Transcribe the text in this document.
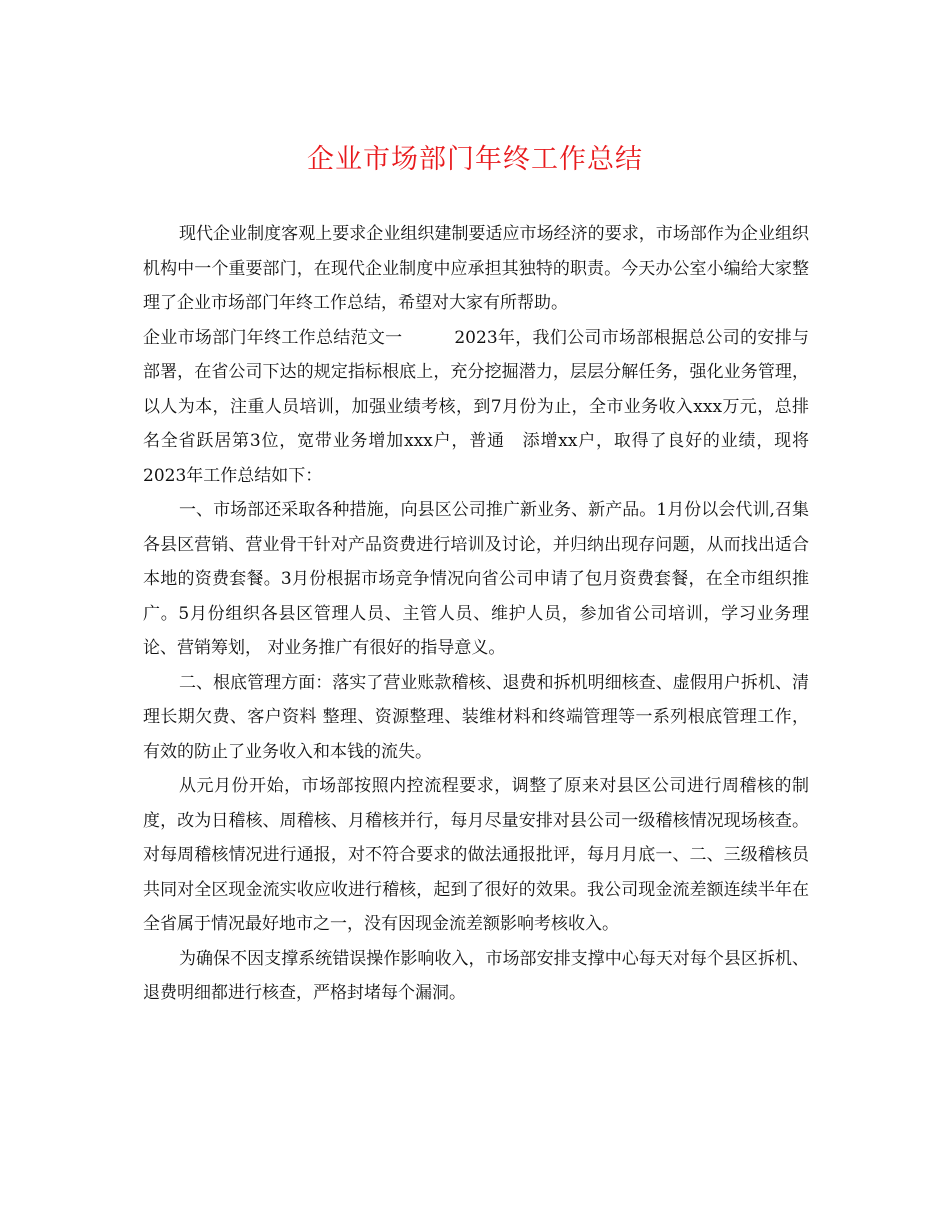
企业市场部门年终工作总结

现代企业制度客观上要求企业组织建制要适应市场经济的要求，市场部作为企业组织机构中一个重要部门，在现代企业制度中应承担其独特的职责。今天办公室小编给大家整理了企业市场部门年终工作总结，希望对大家有所帮助。

企业市场部门年终工作总结范文一　　　2023年，我们公司市场部根据总公司的安排与部署，在省公司下达的规定指标根底上，充分挖掘潜力，层层分解任务，强化业务管理，以人为本，注重人员培训，加强业绩考核，到7月份为止，全市业务收入xxx万元，总排名全省跃居第3位，宽带业务增加xxx户，普通　添增xx户，取得了良好的业绩，现将2023年工作总结如下：

一、市场部还采取各种措施，向县区公司推广新业务、新产品。1月份以会代训,召集各县区营销、营业骨干针对产品资费进行培训及讨论，并归纳出现存问题，从而找出适合本地的资费套餐。3月份根据市场竞争情况向省公司申请了包月资费套餐，在全市组织推广。5月份组织各县区管理人员、主管人员、维护人员，参加省公司培训，学习业务理论、营销筹划， 对业务推广有很好的指导意义。

二、根底管理方面：落实了营业账款稽核、退费和拆机明细核查、虚假用户拆机、清理长期欠费、客户资料 整理、资源整理、装维材料和终端管理等一系列根底管理工作，有效的防止了业务收入和本钱的流失。

从元月份开始，市场部按照内控流程要求，调整了原来对县区公司进行周稽核的制度，改为日稽核、周稽核、月稽核并行，每月尽量安排对县公司一级稽核情况现场核查。对每周稽核情况进行通报，对不符合要求的做法通报批评，每月月底一、二、三级稽核员共同对全区现金流实收应收进行稽核，起到了很好的效果。我公司现金流差额连续半年在全省属于情况最好地市之一，没有因现金流差额影响考核收入。

为确保不因支撑系统错误操作影响收入，市场部安排支撑中心每天对每个县区拆机、退费明细都进行核查，严格封堵每个漏洞。
